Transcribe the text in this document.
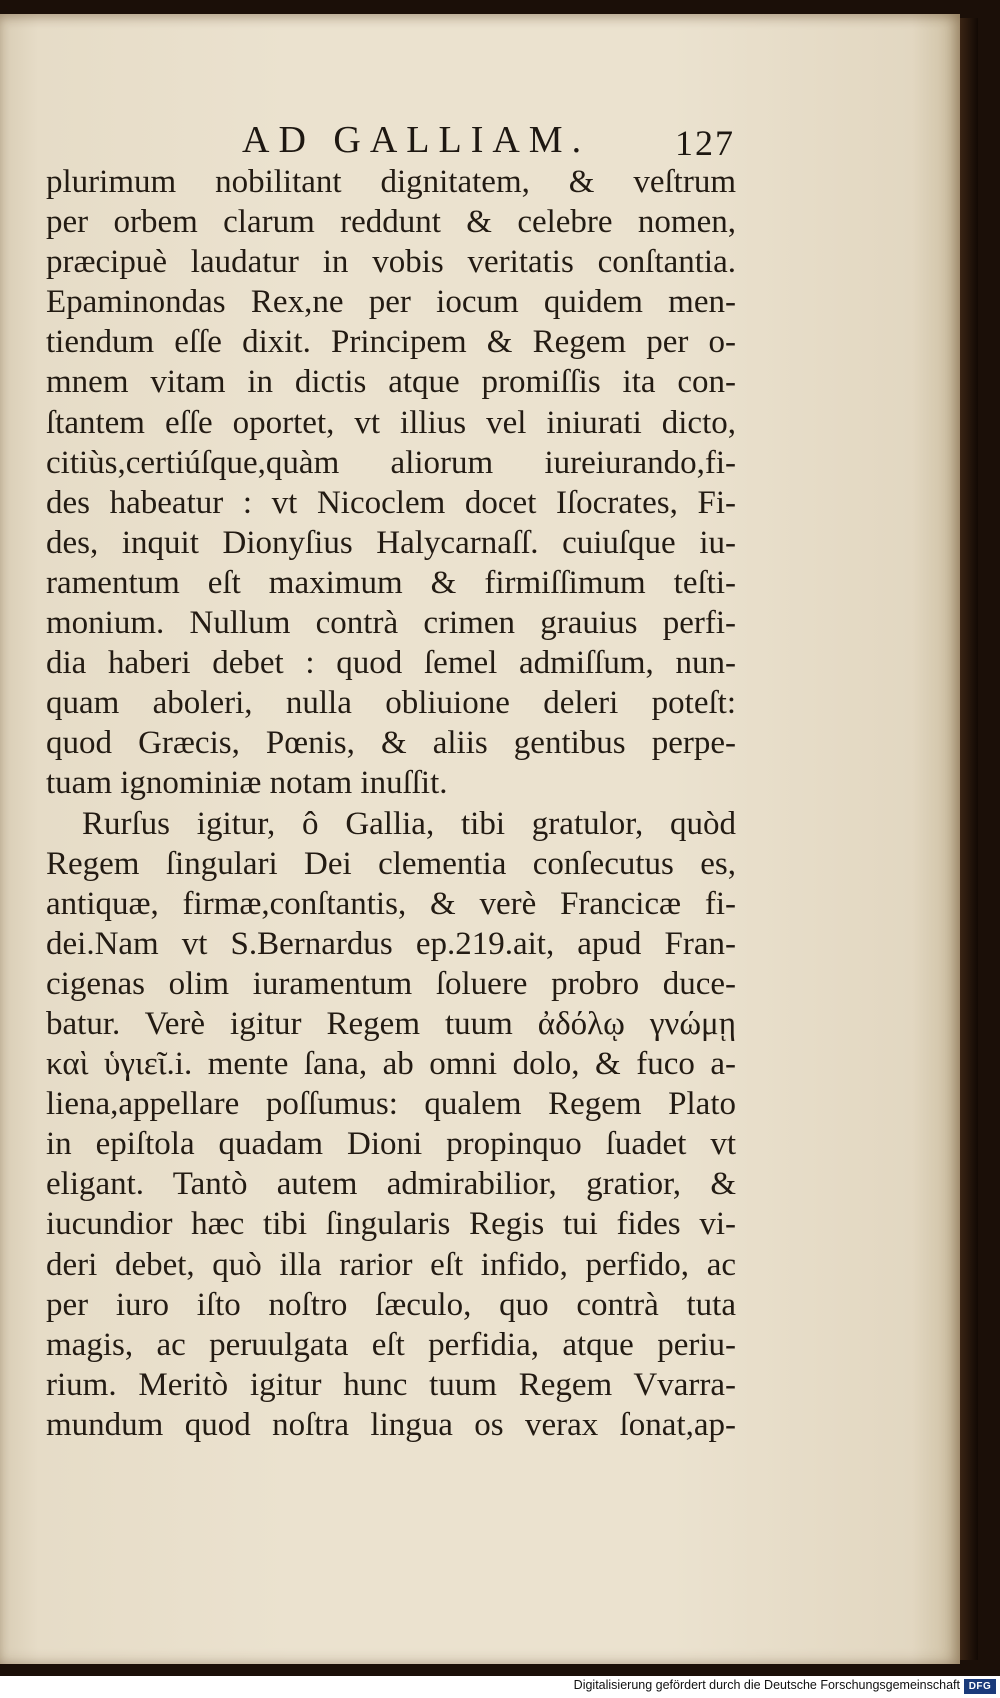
AD GALLIAM. 127
plurimum nobilitant dignitatem, & veſtrum
per orbem clarum reddunt & celebre nomen,
præcipuè laudatur in vobis veritatis conſtantia.
Epaminondas Rex,ne per iocum quidem men-
tiendum eſſe dixit. Principem & Regem per o-
mnem vitam in dictis atque promiſſis ita con-
ſtantem eſſe oportet, vt illius vel iniurati dicto,
citiùs,certiúſque,quàm aliorum iureiurando,fi-
des habeatur : vt Nicoclem docet Iſocrates, Fi-
des, inquit Dionyſius Halycarnaſſ. cuiuſque iu-
ramentum eſt maximum & firmiſſimum teſti-
monium. Nullum contrà crimen grauius perfi-
dia haberi debet : quod ſemel admiſſum, nun-
quam aboleri, nulla obliuione deleri poteſt:
quod Græcis, Pœnis, & aliis gentibus perpe-
tuam ignominiæ notam inuſſit.
Rurſus igitur, ô Gallia, tibi gratulor, quòd
Regem ſingulari Dei clementia conſecutus es,
antiquæ, firmæ,conſtantis, & verè Francicæ fi-
dei.Nam vt S.Bernardus ep.219.ait, apud Fran-
cigenas olim iuramentum ſoluere probro duce-
batur. Verè igitur Regem tuum ἀδόλῳ γνώμῃ
καὶ ὑγιεῖ.i. mente ſana, ab omni dolo, & fuco a-
liena,appellare poſſumus: qualem Regem Plato
in epiſtola quadam Dioni propinquo ſuadet vt
eligant. Tantò autem admirabilior, gratior, &
iucundior hæc tibi ſingularis Regis tui fides vi-
deri debet, quò illa rarior eſt infido, perfido, ac
per iuro iſto noſtro ſæculo, quo contrà tuta
magis, ac peruulgata eſt perfidia, atque periu-
rium. Meritò igitur hunc tuum Regem Vvarra-
mundum quod noſtra lingua os verax ſonat,ap-
Digitalisierung gefördert durch die Deutsche Forschungsgemeinschaft DFG
